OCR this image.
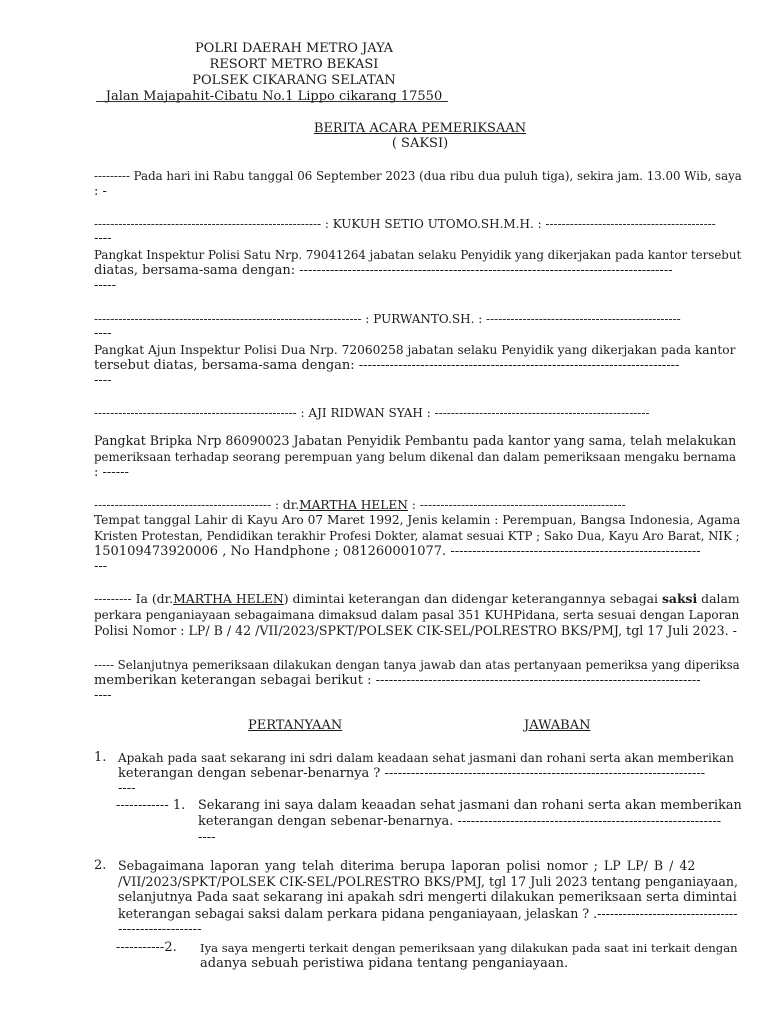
POLRI DAERAH METRO JAYA
RESORT METRO BEKASI
POLSEK CIKARANG SELATAN
Jalan Majapahit-Cibatu No.1 Lippo cikarang 17550
BERITA ACARA PEMERIKSAAN
( SAKSI)
--------- Pada hari ini Rabu tanggal 06 September 2023 (dua ribu dua puluh tiga), sekira jam. 13.00 Wib, saya
: -
-------------------------------------------------------- : KUKUH SETIO UTOMO.SH.M.H. : ------------------------------------------
----
Pangkat Inspektur Polisi Satu Nrp. 79041264 jabatan selaku Penyidik yang dikerjakan pada kantor tersebut
diatas, bersama-sama dengan: -------------------------------------------------------------------------------------
-----
------------------------------------------------------------------ : PURWANTO.SH. : ------------------------------------------------
----
Pangkat Ajun Inspektur Polisi Dua Nrp. 72060258 jabatan selaku Penyidik yang dikerjakan pada kantor
tersebut diatas, bersama-sama dengan: -------------------------------------------------------------------------
----
-------------------------------------------------- : AJI RIDWAN SYAH : -----------------------------------------------------
Pangkat Bripka Nrp 86090023 Jabatan Penyidik Pembantu pada kantor yang sama, telah melakukan
pemeriksaan terhadap seorang perempuan yang belum dikenal dan dalam pemeriksaan mengaku bernama
: ------
------------------------------------------- : dr.MARTHA HELEN : --------------------------------------------------
Tempat tanggal Lahir di Kayu Aro 07 Maret 1992, Jenis kelamin : Perempuan, Bangsa Indonesia, Agama
Kristen Protestan, Pendidikan terakhir Profesi Dokter, alamat sesuai KTP ; Sako Dua, Kayu Aro Barat, NIK ;
150109473920006 , No Handphone ; 081260001077. ---------------------------------------------------------
---
--------- Ia (dr.MARTHA HELEN) dimintai keterangan dan didengar keterangannya sebagai saksi dalam
perkara penganiayaan sebagaimana dimaksud dalam pasal 351 KUHPidana, serta sesuai dengan Laporan
Polisi Nomor : LP/ B / 42 /VII/2023/SPKT/POLSEK CIK-SEL/POLRESTRO BKS/PMJ, tgl 17 Juli 2023. -
----- Selanjutnya pemeriksaan dilakukan dengan tanya jawab dan atas pertanyaan pemeriksa yang diperiksa
memberikan keterangan sebagai berikut : --------------------------------------------------------------------------
----
PERTANYAAN	JAWABAN
1. Apakah pada saat sekarang ini sdri dalam keadaan sehat jasmani dan rohani serta akan memberikan
keterangan dengan sebenar-benarnya ? -------------------------------------------------------------------------
----
------------ 1. Sekarang ini saya dalam keaadan sehat jasmani dan rohani serta akan memberikan
keterangan dengan sebenar-benarnya. ------------------------------------------------------------
----
2. Sebagaimana laporan yang telah diterima berupa laporan polisi nomor ; LP LP/ B / 42
/VII/2023/SPKT/POLSEK CIK-SEL/POLRESTRO BKS/PMJ, tgl 17 Juli 2023 tentang penganiayaan,
selanjutnya Pada saat sekarang ini apakah sdri mengerti dilakukan pemeriksaan serta dimintai
keterangan sebagai saksi dalam perkara pidana penganiayaan, jelaskan ? .---------------------------------
-------------------
-----------2. Iya saya mengerti terkait dengan pemeriksaan yang dilakukan pada saat ini terkait dengan
adanya sebuah peristiwa pidana tentang penganiayaan.
